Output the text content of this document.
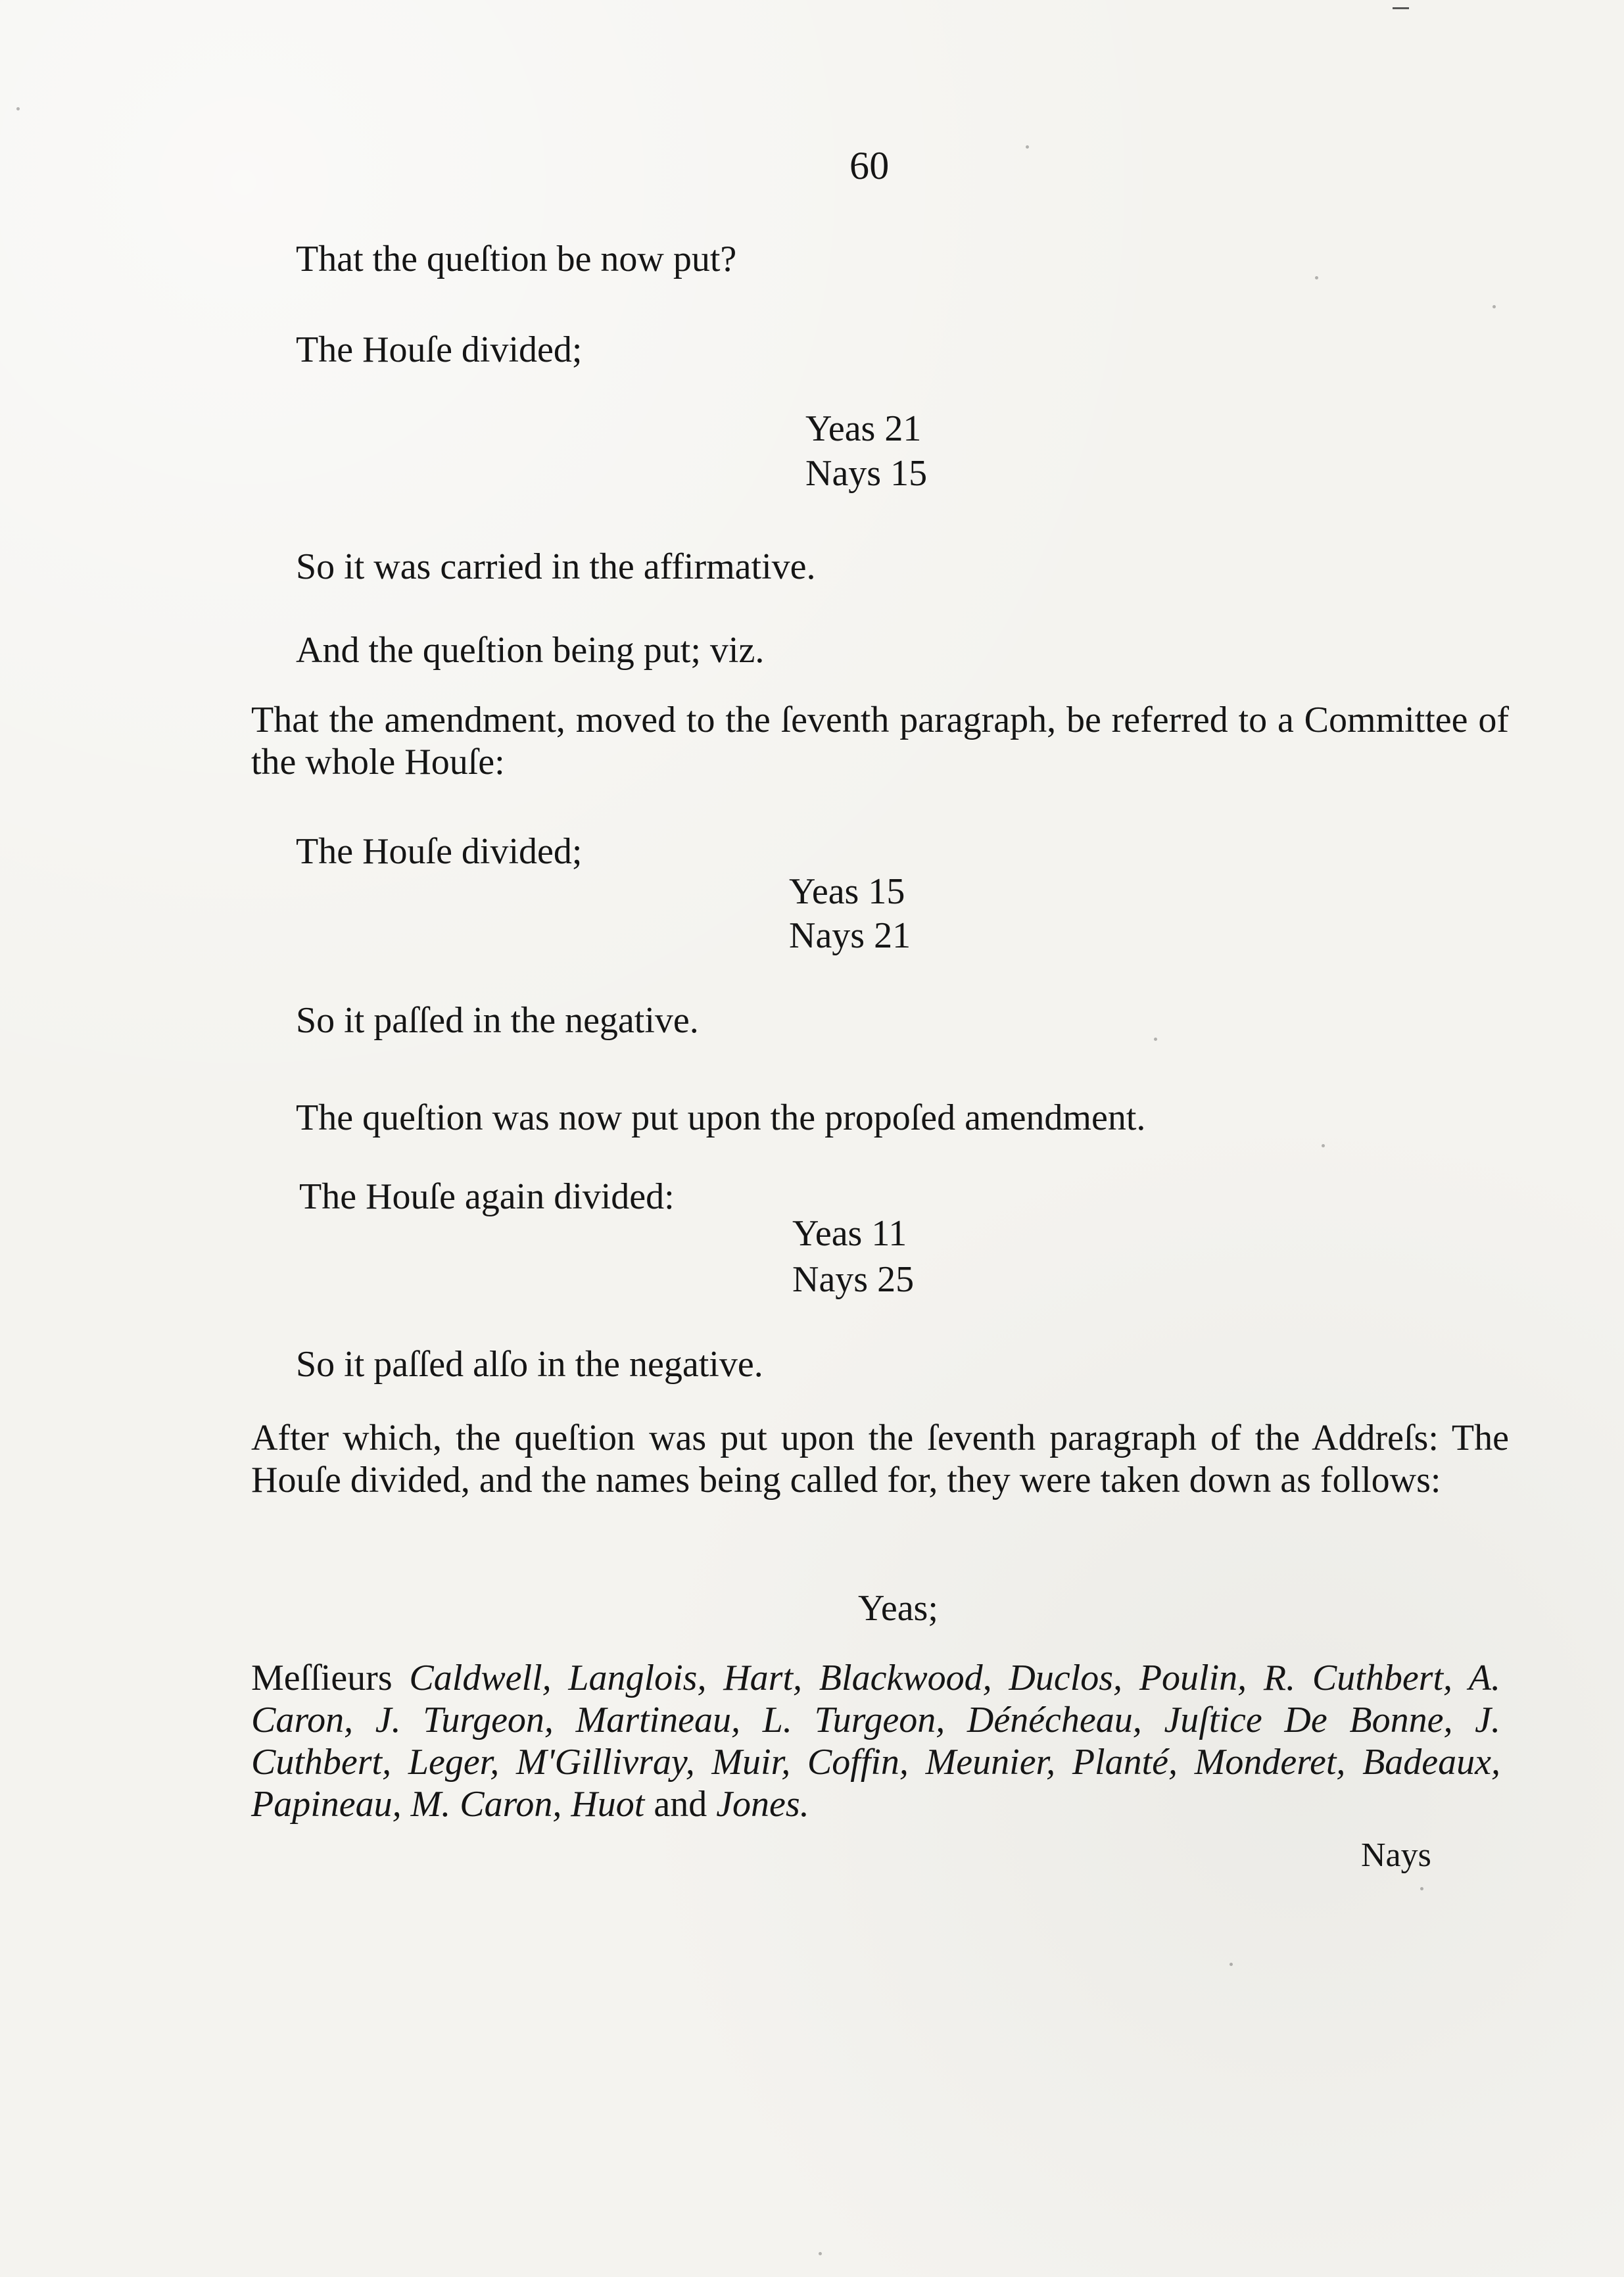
60

That the queſtion be now put?

The Houſe divided;

Yeas 21

Nays 15

So it was carried in the affirmative.

And the queſtion being put; viz.

That the amendment, moved to the ſeventh paragraph, be referred to a Committee of the whole Houſe:

The Houſe divided;

Yeas 15

Nays 21

So it paſſed in the negative.

The queſtion was now put upon the propoſed amendment.

The Houſe again divided:

Yeas 11

Nays 25

So it paſſed alſo in the negative.

After which, the queſtion was put upon the ſeventh paragraph of the Addreſs: The Houſe divided, and the names being called for, they were taken down as follows:

Yeas;

Meſſieurs Caldwell, Langlois, Hart, Blackwood, Duclos, Poulin, R. Cuthbert, A. Caron, J. Turgeon, Martineau, L. Turgeon, Dénécheau, Juſtice De Bonne, J. Cuthbert, Leger, M'Gillivray, Muir, Coffin, Meunier, Planté, Monderet, Badeaux, Papineau, M. Caron, Huot and Jones.

Nays
